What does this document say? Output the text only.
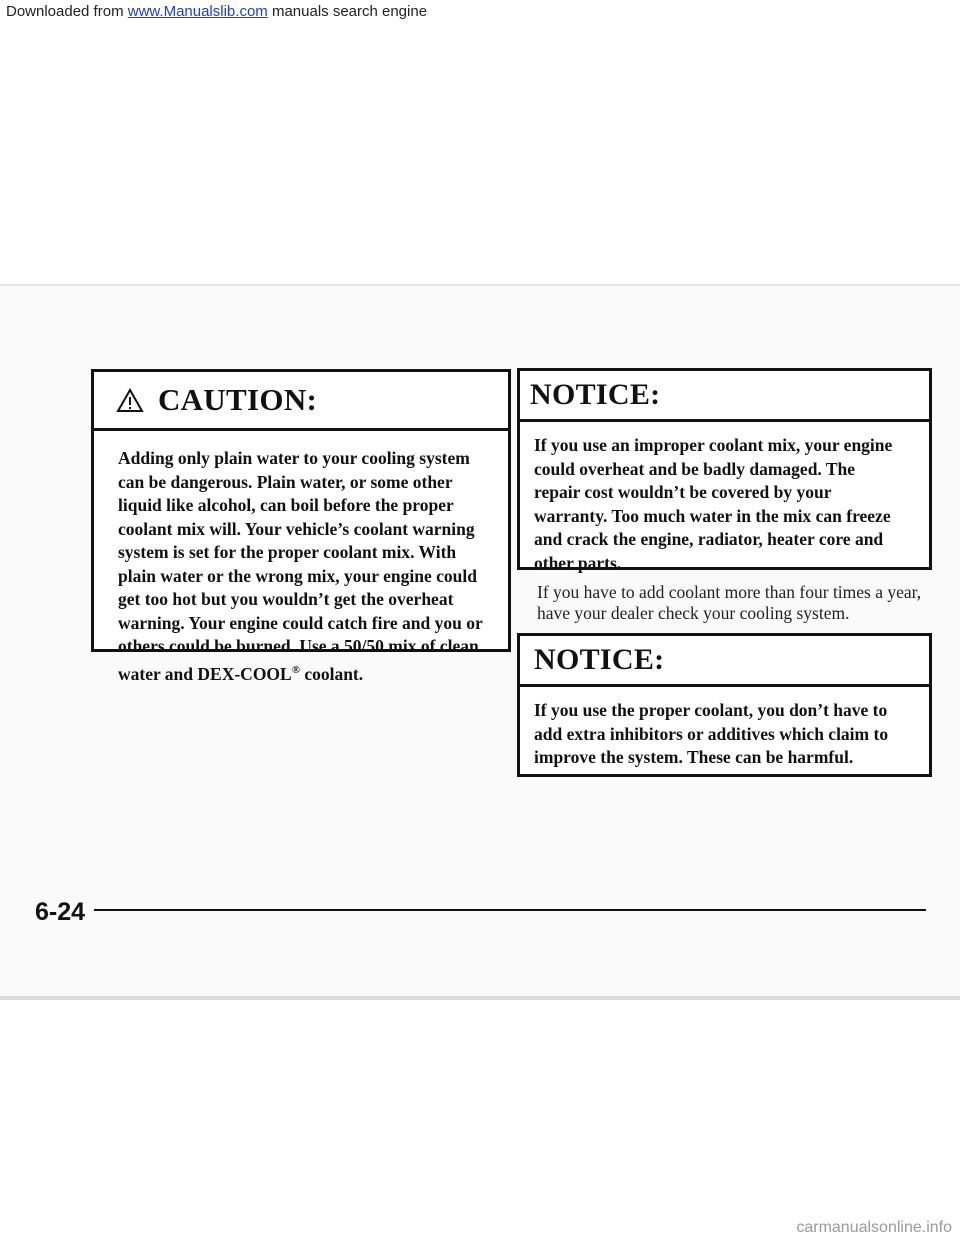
Downloaded from www.Manualslib.com manuals search engine
CAUTION:
Adding only plain water to your cooling system
can be dangerous. Plain water, or some other
liquid like alcohol, can boil before the proper
coolant mix will. Your vehicle’s coolant warning
system is set for the proper coolant mix. With
plain water or the wrong mix, your engine could
get too hot but you wouldn’t get the overheat
warning. Your engine could catch fire and you or
others could be burned. Use a 50/50 mix of clean
water and DEX-COOL® coolant.
NOTICE:
If you use an improper coolant mix, your engine
could overheat and be badly damaged. The
repair cost wouldn’t be covered by your
warranty. Too much water in the mix can freeze
and crack the engine, radiator, heater core and
other parts.
If you have to add coolant more than four times a year,
have your dealer check your cooling system.
NOTICE:
If you use the proper coolant, you don’t have to
add extra inhibitors or additives which claim to
improve the system. These can be harmful.
6-24
carmanualsonline.info
